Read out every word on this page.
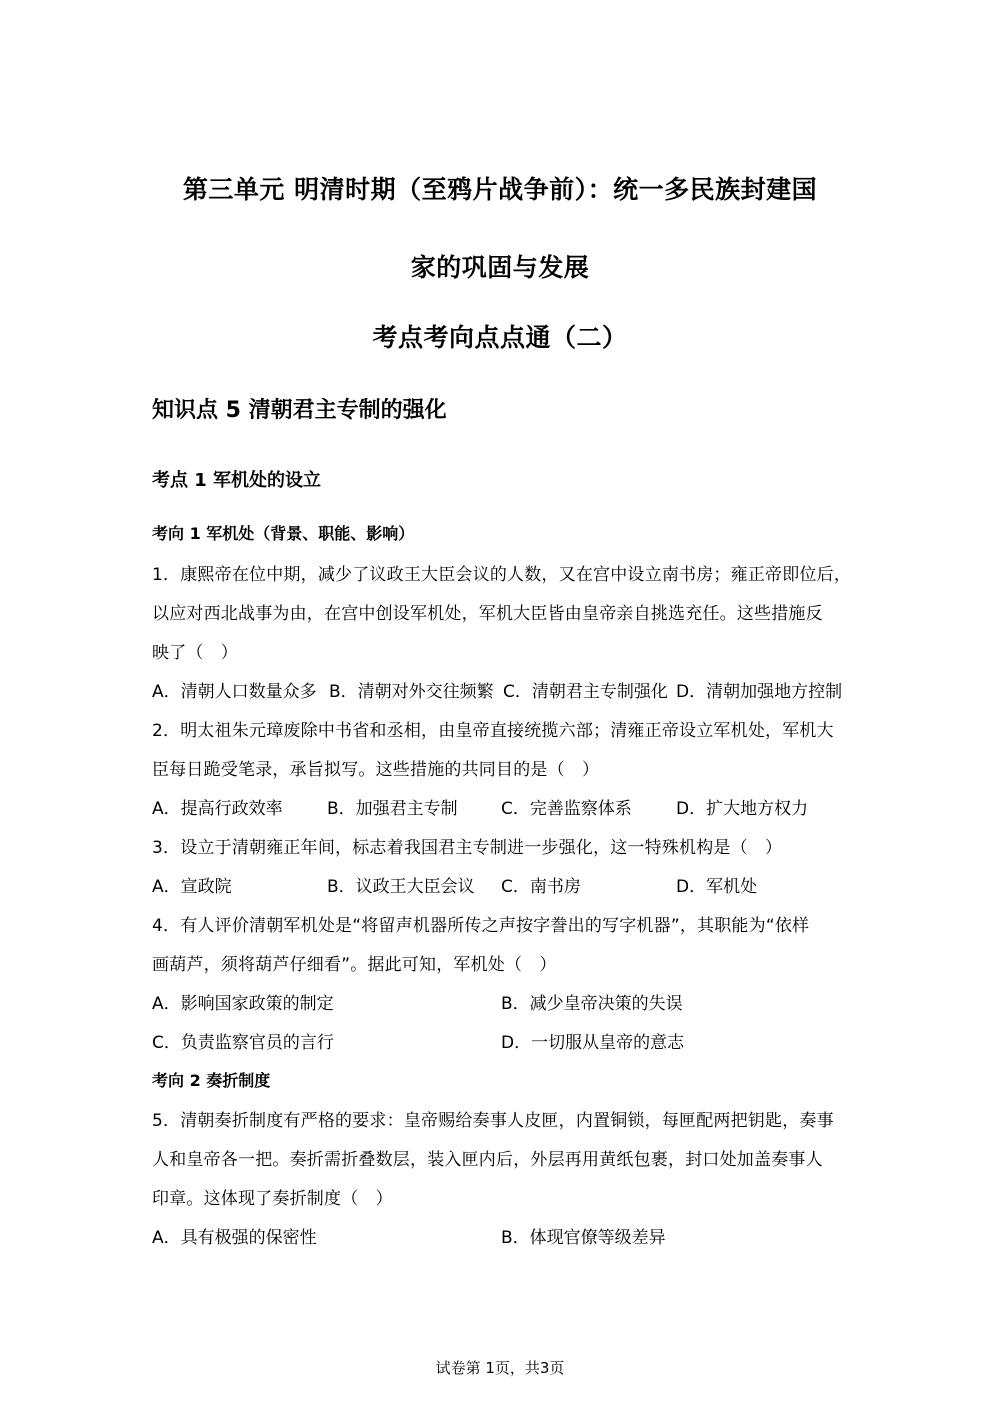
第三单元 明清时期（至鸦片战争前）：统一多民族封建国
家的巩固与发展
考点考向点点通（二）
知识点 5 清朝君主专制的强化
考点 1 军机处的设立
考向 1 军机处（背景、职能、影响）
1．康熙帝在位中期，减少了议政王大臣会议的人数，又在宫中设立南书房；雍正帝即位后，
以应对西北战事为由，在宫中创设军机处，军机大臣皆由皇帝亲自挑选充任。这些措施反
映了（　）
A．清朝人口数量众多 B．清朝对外交往频繁 C．清朝君主专制强化 D．清朝加强地方控制
2．明太祖朱元璋废除中书省和丞相，由皇帝直接统揽六部；清雍正帝设立军机处，军机大
臣每日跪受笔录，承旨拟写。这些措施的共同目的是（　）
A．提高行政效率	B．加强君主专制	C．完善监察体系	D．扩大地方权力
3．设立于清朝雍正年间，标志着我国君主专制进一步强化，这一特殊机构是（　）
A．宣政院	B．议政王大臣会议 C．南书房	D．军机处
4．有人评价清朝军机处是“将留声机器所传之声按字誊出的写字机器”，其职能为“依样
画葫芦，须将葫芦仔细看”。据此可知，军机处（　）
A．影响国家政策的制定	B．减少皇帝决策的失误
C．负责监察官员的言行	D．一切服从皇帝的意志
考向 2 奏折制度
5．清朝奏折制度有严格的要求：皇帝赐给奏事人皮匣，内置铜锁，每匣配两把钥匙，奏事
人和皇帝各一把。奏折需折叠数层，装入匣内后，外层再用黄纸包裹，封口处加盖奏事人
印章。这体现了奏折制度（　）
A．具有极强的保密性	B．体现官僚等级差异
试卷第 1页，共3页
